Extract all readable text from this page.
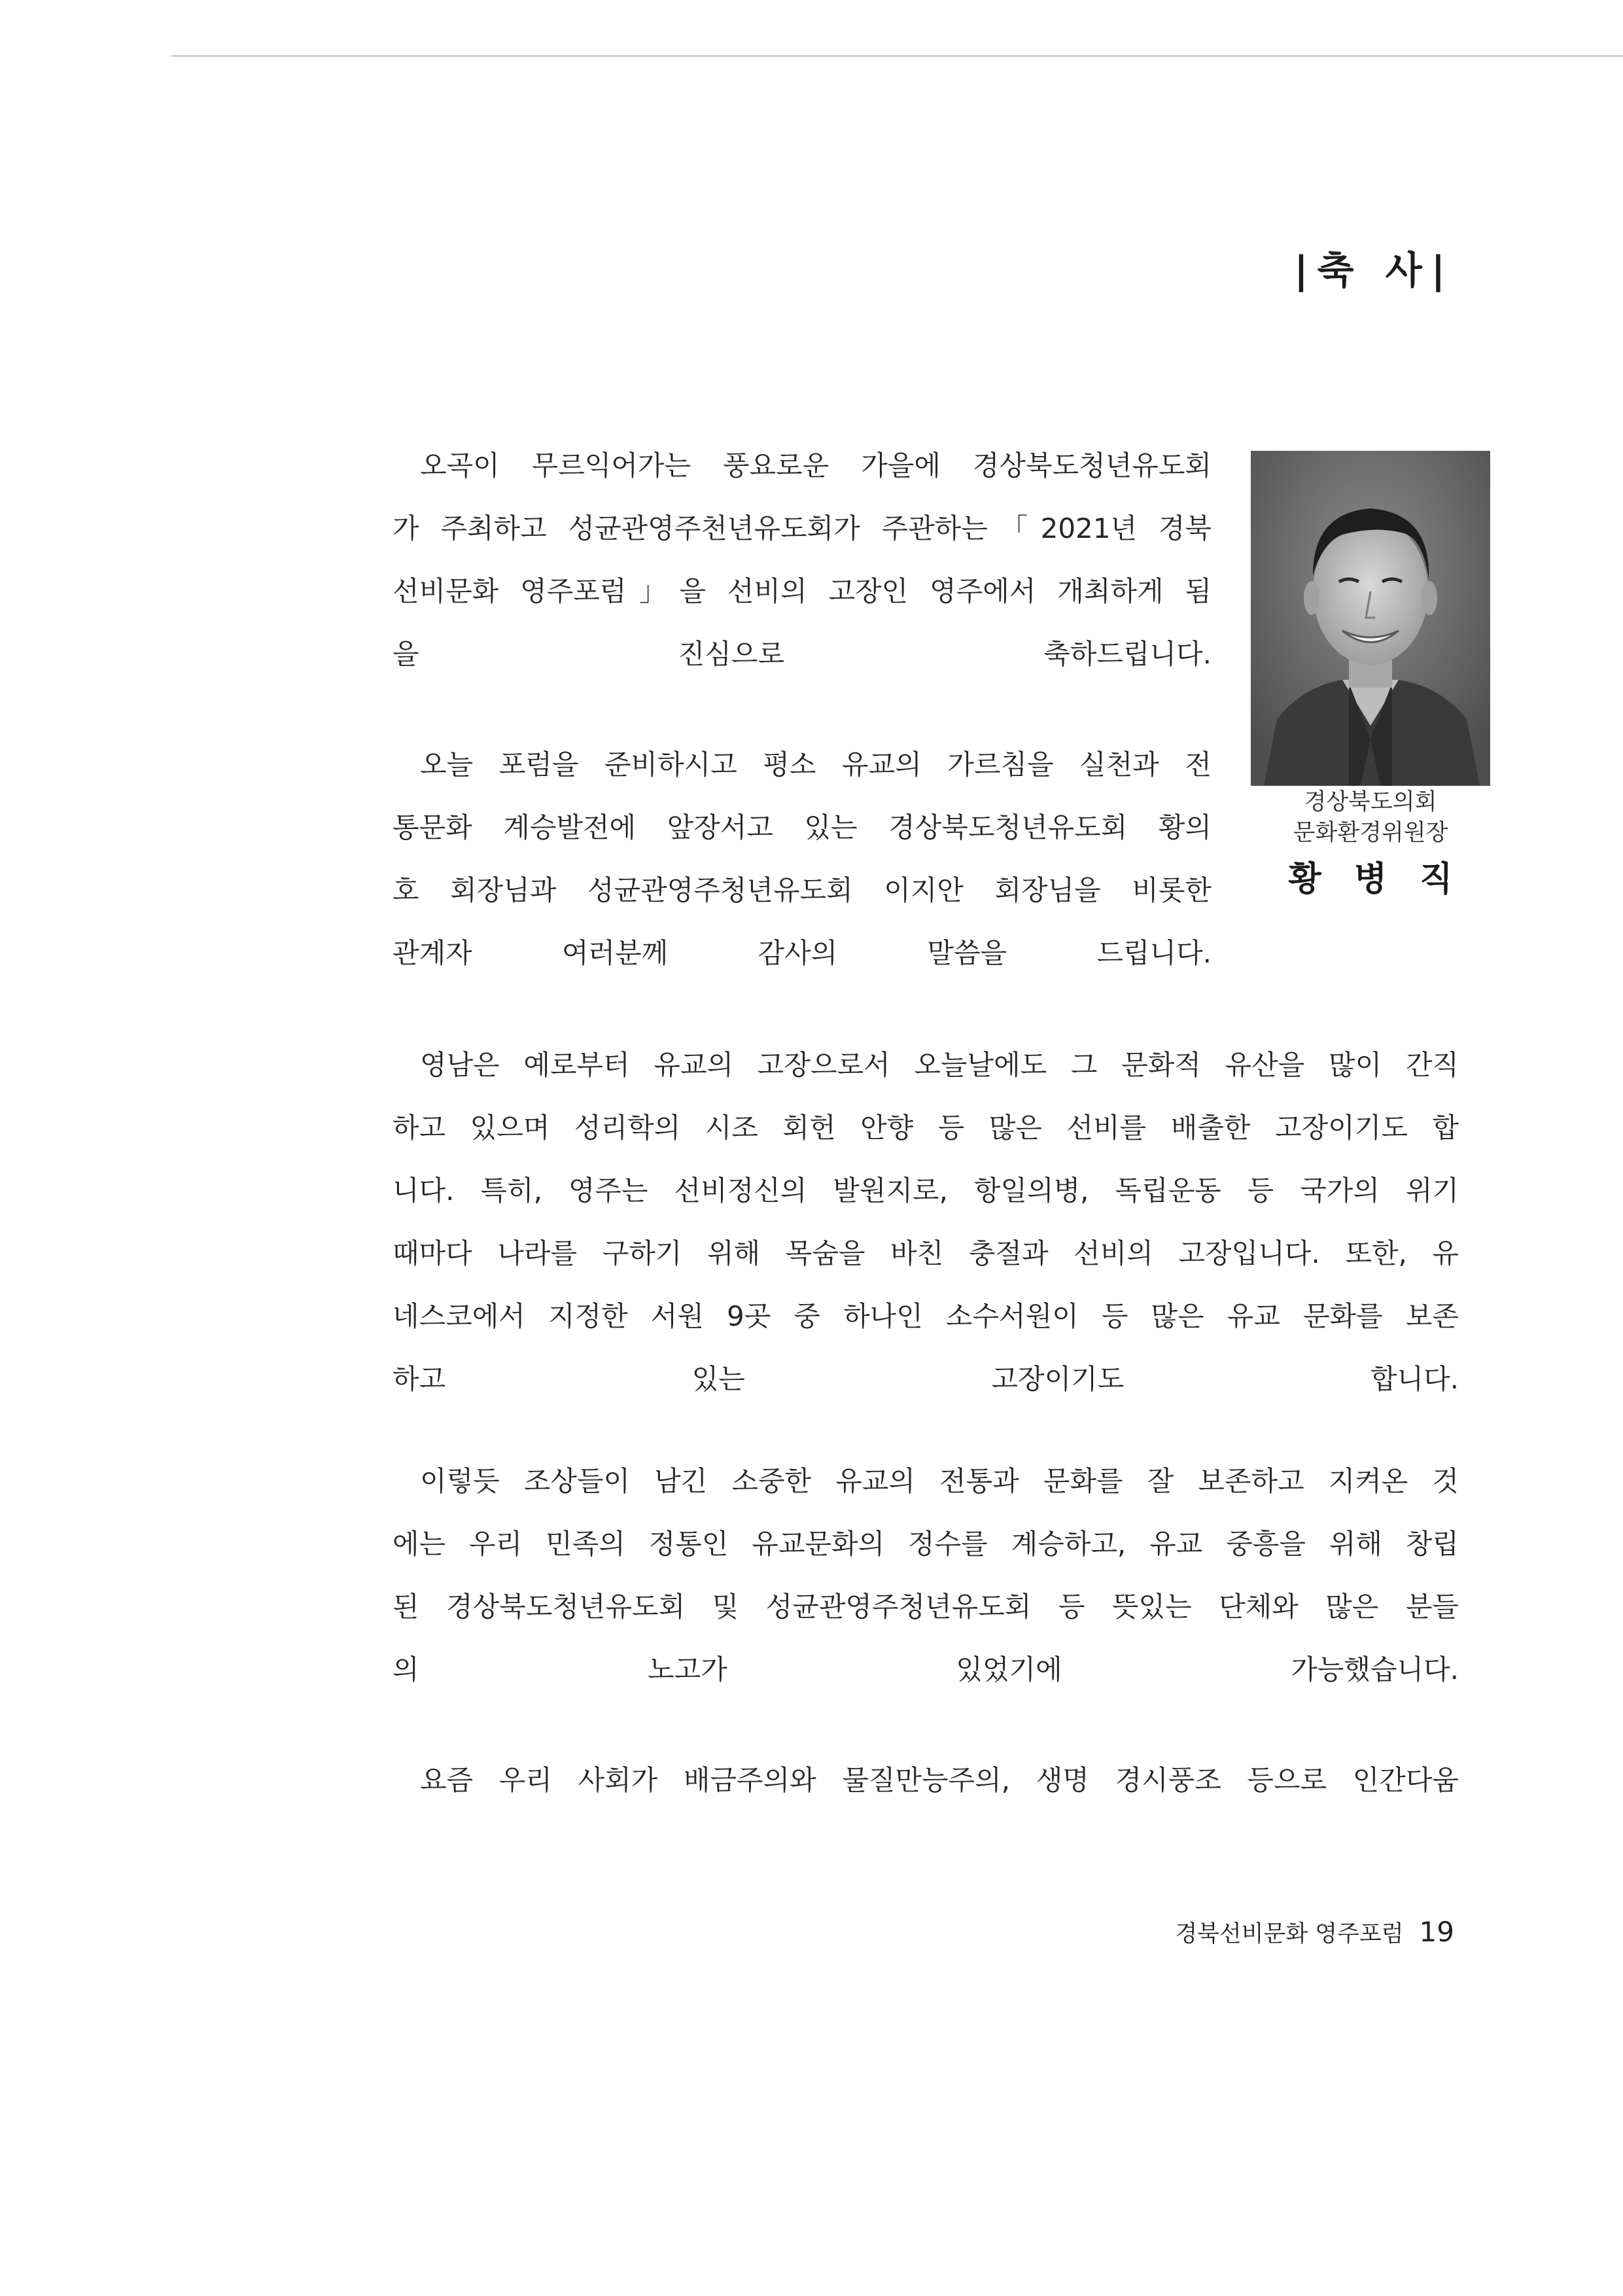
|축 사|
경상북도의회
문화환경위원장
황 병 직
오곡이 무르익어가는 풍요로운 가을에 경상북도청년유도회
가 주최하고 성균관영주천년유도회가 주관하는「2021년 경북
선비문화 영주포럼」을 선비의 고장인 영주에서 개최하게 됨
을 진심으로 축하드립니다.
오늘 포럼을 준비하시고 평소 유교의 가르침을 실천과 전
통문화 계승발전에 앞장서고 있는 경상북도청년유도회 황의
호 회장님과 성균관영주청년유도회 이지안 회장님을 비롯한
관계자 여러분께 감사의 말씀을 드립니다.
영남은 예로부터 유교의 고장으로서 오늘날에도 그 문화적 유산을 많이 간직
하고 있으며 성리학의 시조 회헌 안향 등 많은 선비를 배출한 고장이기도 합
니다. 특히, 영주는 선비정신의 발원지로, 항일의병, 독립운동 등 국가의 위기
때마다 나라를 구하기 위해 목숨을 바친 충절과 선비의 고장입니다. 또한, 유
네스코에서 지정한 서원 9곳 중 하나인 소수서원이 등 많은 유교 문화를 보존
하고 있는 고장이기도 합니다.
이렇듯 조상들이 남긴 소중한 유교의 전통과 문화를 잘 보존하고 지켜온 것
에는 우리 민족의 정통인 유교문화의 정수를 계승하고, 유교 중흥을 위해 창립
된 경상북도청년유도회 및 성균관영주청년유도회 등 뜻있는 단체와 많은 분들
의 노고가 있었기에 가능했습니다.
요즘 우리 사회가 배금주의와 물질만능주의, 생명 경시풍조 등으로 인간다움
경북선비문화 영주포럼 19
